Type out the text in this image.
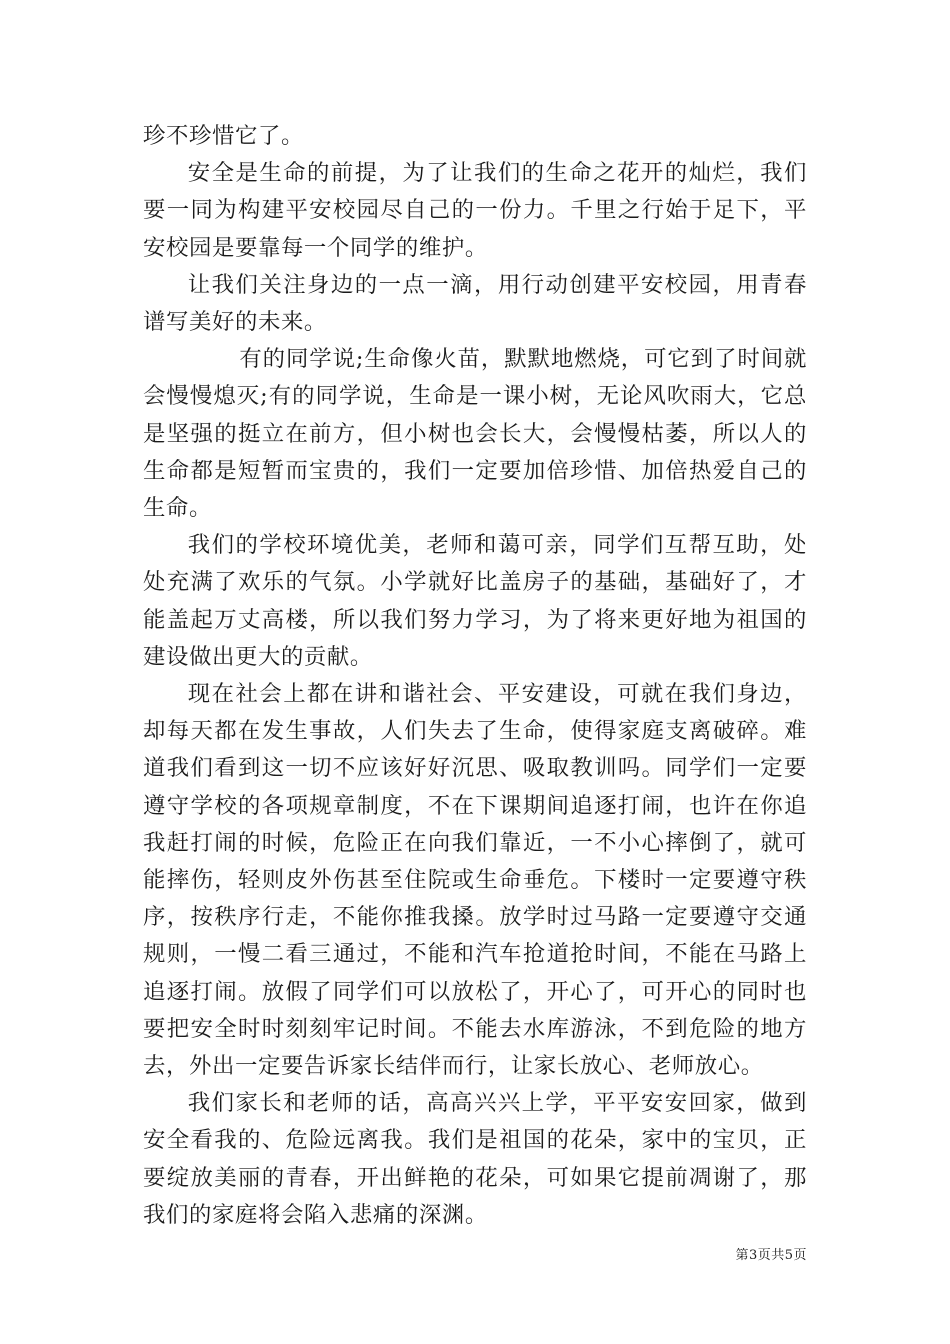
珍不珍惜它了。

安全是生命的前提，为了让我们的生命之花开的灿烂，我们要一同为构建平安校园尽自己的一份力。千里之行始于足下，平安校园是要靠每一个同学的维护。

让我们关注身边的一点一滴，用行动创建平安校园，用青春谱写美好的未来。

有的同学说;生命像火苗，默默地燃烧，可它到了时间就会慢慢熄灭;有的同学说，生命是一课小树，无论风吹雨大，它总是坚强的挺立在前方，但小树也会长大，会慢慢枯萎，所以人的生命都是短暂而宝贵的，我们一定要加倍珍惜、加倍热爱自己的生命。

我们的学校环境优美，老师和蔼可亲，同学们互帮互助，处处充满了欢乐的气氛。小学就好比盖房子的基础，基础好了，才能盖起万丈高楼，所以我们努力学习，为了将来更好地为祖国的建设做出更大的贡献。

现在社会上都在讲和谐社会、平安建设，可就在我们身边，却每天都在发生事故，人们失去了生命，使得家庭支离破碎。难道我们看到这一切不应该好好沉思、吸取教训吗。同学们一定要遵守学校的各项规章制度，不在下课期间追逐打闹，也许在你追我赶打闹的时候，危险正在向我们靠近，一不小心摔倒了，就可能摔伤，轻则皮外伤甚至住院或生命垂危。下楼时一定要遵守秩序，按秩序行走，不能你推我搡。放学时过马路一定要遵守交通规则，一慢二看三通过，不能和汽车抢道抢时间，不能在马路上追逐打闹。放假了同学们可以放松了，开心了，可开心的同时也要把安全时时刻刻牢记时间。不能去水库游泳，不到危险的地方去，外出一定要告诉家长结伴而行，让家长放心、老师放心。

我们家长和老师的话，高高兴兴上学，平平安安回家，做到安全看我的、危险远离我。我们是祖国的花朵，家中的宝贝，正要绽放美丽的青春，开出鲜艳的花朵，可如果它提前凋谢了，那我们的家庭将会陷入悲痛的深渊。

第3页共5页
